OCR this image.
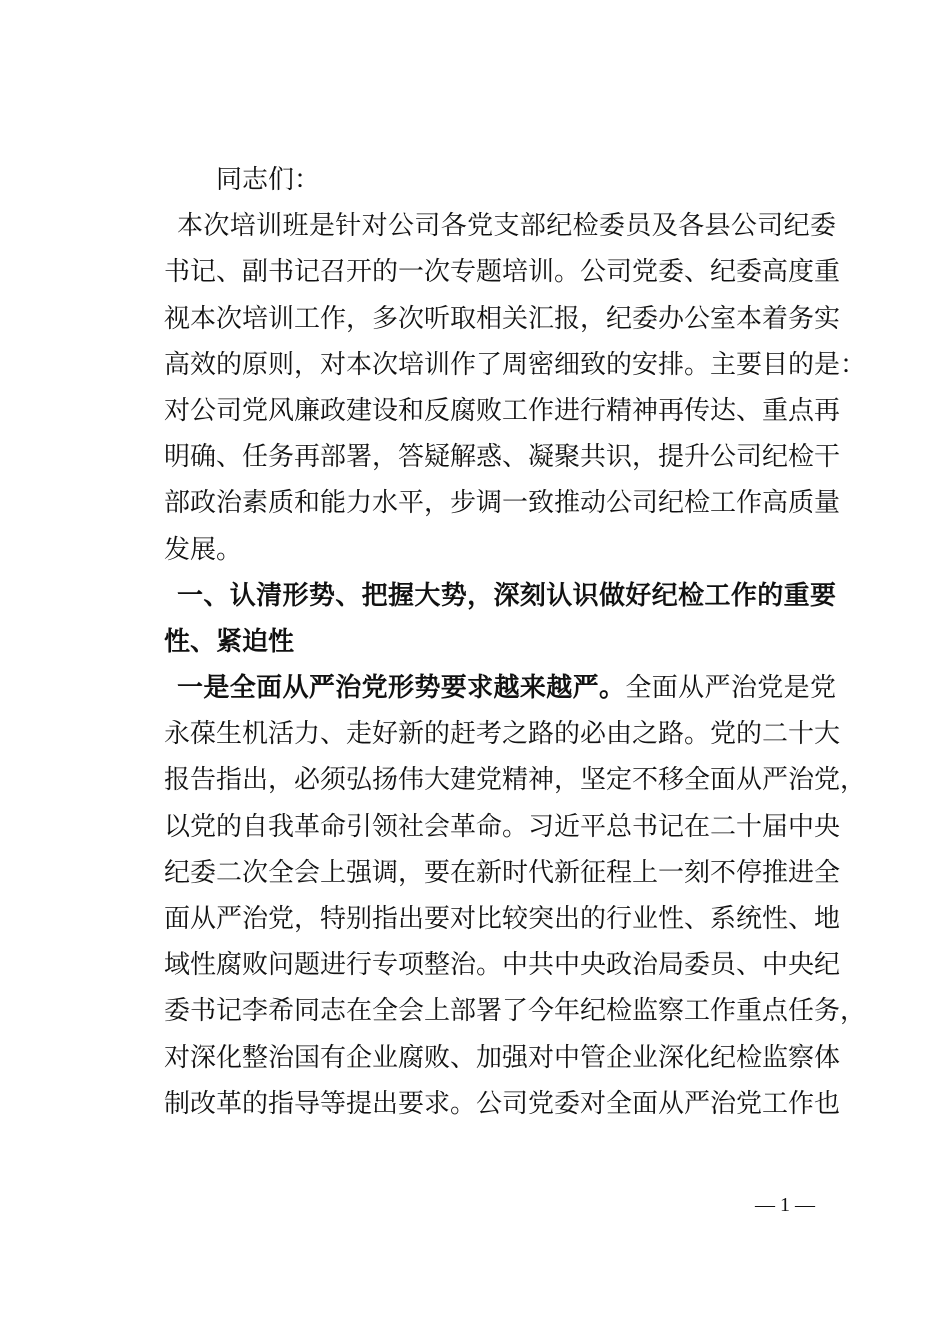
同志们：
本次培训班是针对公司各党支部纪检委员及各县公司纪委
书记、副书记召开的一次专题培训。公司党委、纪委高度重
视本次培训工作，多次听取相关汇报，纪委办公室本着务实
高效的原则，对本次培训作了周密细致的安排。主要目的是：
对公司党风廉政建设和反腐败工作进行精神再传达、重点再
明确、任务再部署，答疑解惑、凝聚共识，提升公司纪检干
部政治素质和能力水平，步调一致推动公司纪检工作高质量
发展。
一、认清形势、把握大势，深刻认识做好纪检工作的重要
性、紧迫性
一是全面从严治党形势要求越来越严。全面从严治党是党
永葆生机活力、走好新的赶考之路的必由之路。党的二十大
报告指出，必须弘扬伟大建党精神，坚定不移全面从严治党，
以党的自我革命引领社会革命。习近平总书记在二十届中央
纪委二次全会上强调，要在新时代新征程上一刻不停推进全
面从严治党，特别指出要对比较突出的行业性、系统性、地
域性腐败问题进行专项整治。中共中央政治局委员、中央纪
委书记李希同志在全会上部署了今年纪检监察工作重点任务，
对深化整治国有企业腐败、加强对中管企业深化纪检监察体
制改革的指导等提出要求。公司党委对全面从严治党工作也
— 1 —
